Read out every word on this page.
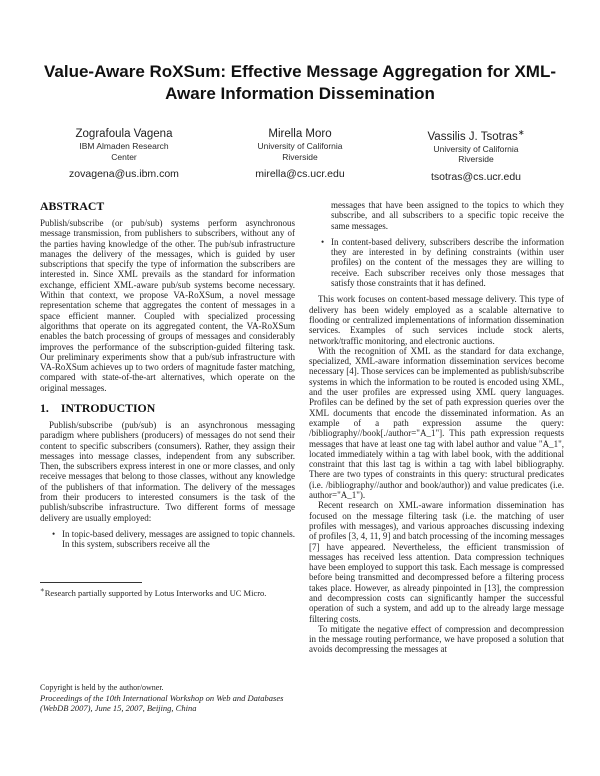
Value-Aware RoXSum: Effective Message Aggregation for XML-Aware Information Dissemination
Zografoula Vagena
IBM Almaden Research
Center
zovagena@us.ibm.com
Mirella Moro
University of California
Riverside
mirella@cs.ucr.edu
Vassilis J. Tsotras∗
University of California
Riverside
tsotras@cs.ucr.edu
ABSTRACT
Publish/subscribe (or pub/sub) systems perform asynchronous message transmission, from publishers to subscribers, without any of the parties having knowledge of the other. The pub/sub infrastructure manages the delivery of the messages, which is guided by user subscriptions that specify the type of information the subscribers are interested in. Since XML prevails as the standard for information exchange, efficient XML-aware pub/sub systems become necessary. Within that context, we propose VA-RoXSum, a novel message representation scheme that aggregates the content of messages in a space efficient manner. Coupled with specialized processing algorithms that operate on its aggregated content, the VA-RoXSum enables the batch processing of groups of messages and considerably improves the performance of the subscription-guided filtering task. Our preliminary experiments show that a pub/sub infrastructure with VA-RoXSum achieves up to two orders of magnitude faster matching, compared with state-of-the-art alternatives, which operate on the original messages.
1. INTRODUCTION
Publish/subscribe (pub/sub) is an asynchronous messaging paradigm where publishers (producers) of messages do not send their content to specific subscribers (consumers). Rather, they assign their messages into message classes, independent from any subscriber. Then, the subscribers express interest in one or more classes, and only receive messages that belong to those classes, without any knowledge of the publishers of that information. The delivery of the messages from their producers to interested consumers is the task of the publish/subscribe infrastructure. Two different forms of message delivery are usually employed:
• In topic-based delivery, messages are assigned to topic channels. In this system, subscribers receive all the
∗Research partially supported by Lotus Interworks and UC Micro.
Copyright is held by the author/owner.
Proceedings of the 10th International Workshop on Web and Databases (WebDB 2007), June 15, 2007, Beijing, China
messages that have been assigned to the topics to which they subscribe, and all subscribers to a specific topic receive the same messages.
• In content-based delivery, subscribers describe the information they are interested in by defining constraints (within user profiles) on the content of the messages they are willing to receive. Each subscriber receives only those messages that satisfy those constraints that it has defined.
This work focuses on content-based message delivery. This type of delivery has been widely employed as a scalable alternative to flooding or centralized implementations of information dissemination services. Examples of such services include stock alerts, network/traffic monitoring, and electronic auctions.
With the recognition of XML as the standard for data exchange, specialized, XML-aware information dissemination services become necessary [4]. Those services can be implemented as publish/subscribe systems in which the information to be routed is encoded using XML, and the user profiles are expressed using XML query languages. Profiles can be defined by the set of path expression queries over the XML documents that encode the disseminated information. As an example of a path expression assume the query: /bibliography//book[./author="A_1"]. This path expression requests messages that have at least one tag with label author and value "A_1", located immediately within a tag with label book, with the additional constraint that this last tag is within a tag with label bibliography. There are two types of constraints in this query: structural predicates (i.e. /bibliography//author and book/author)) and value predicates (i.e. author="A_1").
Recent research on XML-aware information dissemination has focused on the message filtering task (i.e. the matching of user profiles with messages), and various approaches discussing indexing of profiles [3, 4, 11, 9] and batch processing of the incoming messages [7] have appeared. Nevertheless, the efficient transmission of messages has received less attention. Data compression techniques have been employed to support this task. Each message is compressed before being transmitted and decompressed before a filtering process takes place. However, as already pinpointed in [13], the compression and decompression costs can significantly hamper the successful operation of such a system, and add up to the already large message filtering costs.
To mitigate the negative effect of compression and decompression in the message routing performance, we have proposed a solution that avoids decompressing the messages at
